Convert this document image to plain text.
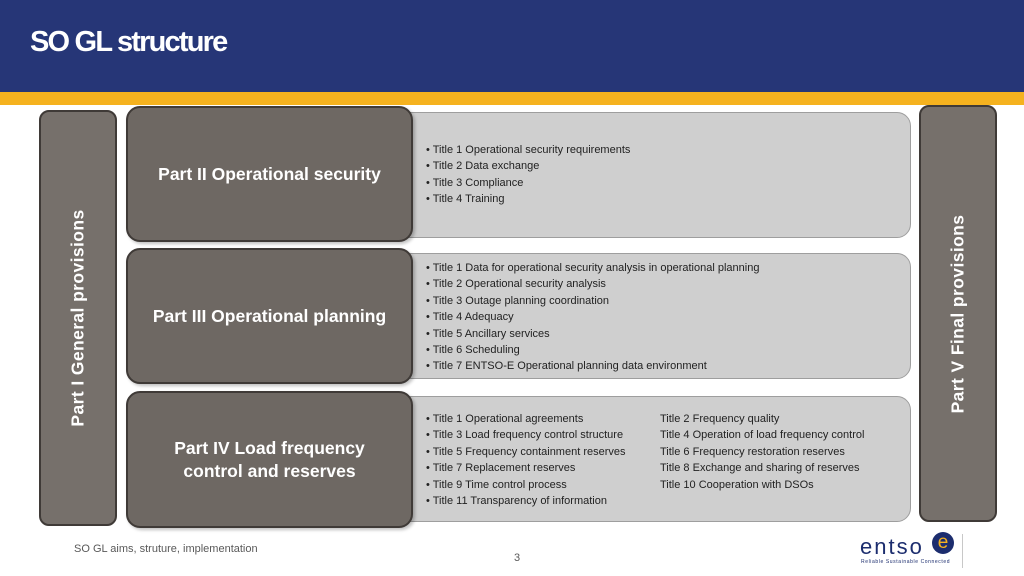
SO GL structure
Part I General provisions	Part V Final provisions
• Title 1 Operational security requirements
• Title 2 Data exchange
• Title 3 Compliance
• Title 4 Training
Part II Operational security
• Title 1 Data for operational security analysis in operational planning
• Title 2 Operational security analysis
• Title 3 Outage planning coordination
• Title 4 Adequacy
• Title 5 Ancillary services
• Title 6 Scheduling
• Title 7 ENTSO-E Operational planning data environment
Part III Operational planning
• Title 1 Operational agreements
• Title 3 Load frequency control structure
• Title 5 Frequency containment reserves
• Title 7 Replacement reserves
• Title 9 Time control process
• Title 11 Transparency of information
Title 2 Frequency quality
Title 4 Operation of load frequency control
Title 6 Frequency restoration reserves
Title 8 Exchange and sharing of reserves
Title 10 Cooperation with DSOs
Part IV Load frequency control and reserves
SO GL aims, struture, implementation
3	entso e
Reliable Sustainable Connected
